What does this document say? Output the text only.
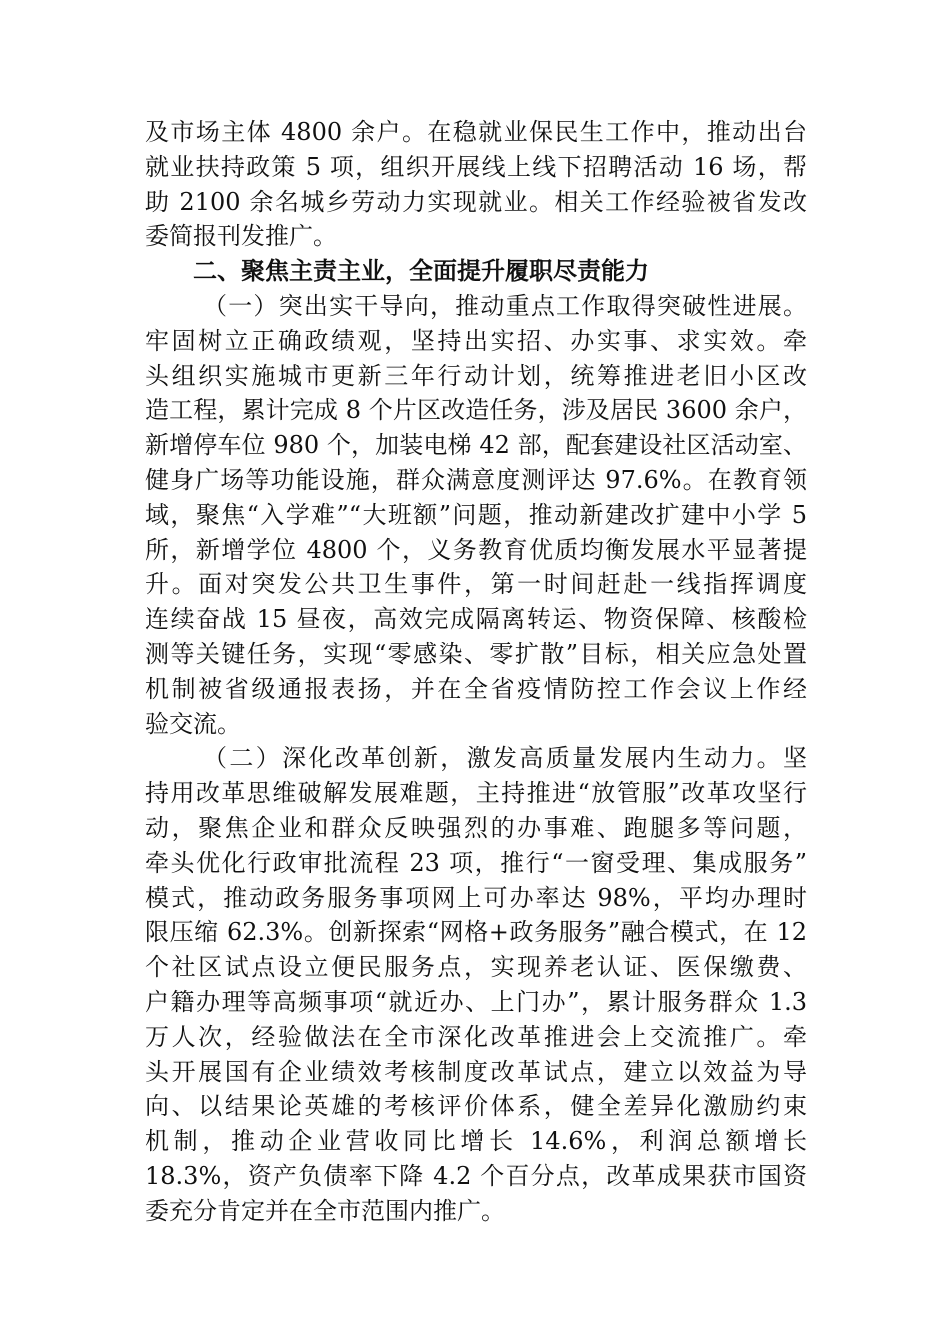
及市场主体 4800 余户。在稳就业保民生工作中，推动出台
就业扶持政策 5 项，组织开展线上线下招聘活动 16 场，帮
助 2100 余名城乡劳动力实现就业。相关工作经验被省发改
委简报刊发推广。
二、聚焦主责主业，全面提升履职尽责能力
（一）突出实干导向，推动重点工作取得突破性进展。
牢固树立正确政绩观，坚持出实招、办实事、求实效。牵
头组织实施城市更新三年行动计划，统筹推进老旧小区改
造工程，累计完成 8 个片区改造任务，涉及居民 3600 余户，
新增停车位 980 个，加装电梯 42 部，配套建设社区活动室、
健身广场等功能设施，群众满意度测评达 97.6%。在教育领
域，聚焦“入学难”“大班额”问题，推动新建改扩建中小学 5
所，新增学位 4800 个，义务教育优质均衡发展水平显著提
升。面对突发公共卫生事件，第一时间赶赴一线指挥调度
连续奋战 15 昼夜，高效完成隔离转运、物资保障、核酸检
测等关键任务，实现“零感染、零扩散”目标，相关应急处置
机制被省级通报表扬，并在全省疫情防控工作会议上作经
验交流。
（二）深化改革创新，激发高质量发展内生动力。坚
持用改革思维破解发展难题，主持推进“放管服”改革攻坚行
动，聚焦企业和群众反映强烈的办事难、跑腿多等问题，
牵头优化行政审批流程 23 项，推行“一窗受理、集成服务”
模式，推动政务服务事项网上可办率达 98%，平均办理时
限压缩 62.3%。创新探索“网格+政务服务”融合模式，在 12
个社区试点设立便民服务点，实现养老认证、医保缴费、
户籍办理等高频事项“就近办、上门办”，累计服务群众 1.3
万人次，经验做法在全市深化改革推进会上交流推广。牵
头开展国有企业绩效考核制度改革试点，建立以效益为导
向、以结果论英雄的考核评价体系，健全差异化激励约束
机制，推动企业营收同比增长 14.6%，利润总额增长
18.3%，资产负债率下降 4.2 个百分点，改革成果获市国资
委充分肯定并在全市范围内推广。
